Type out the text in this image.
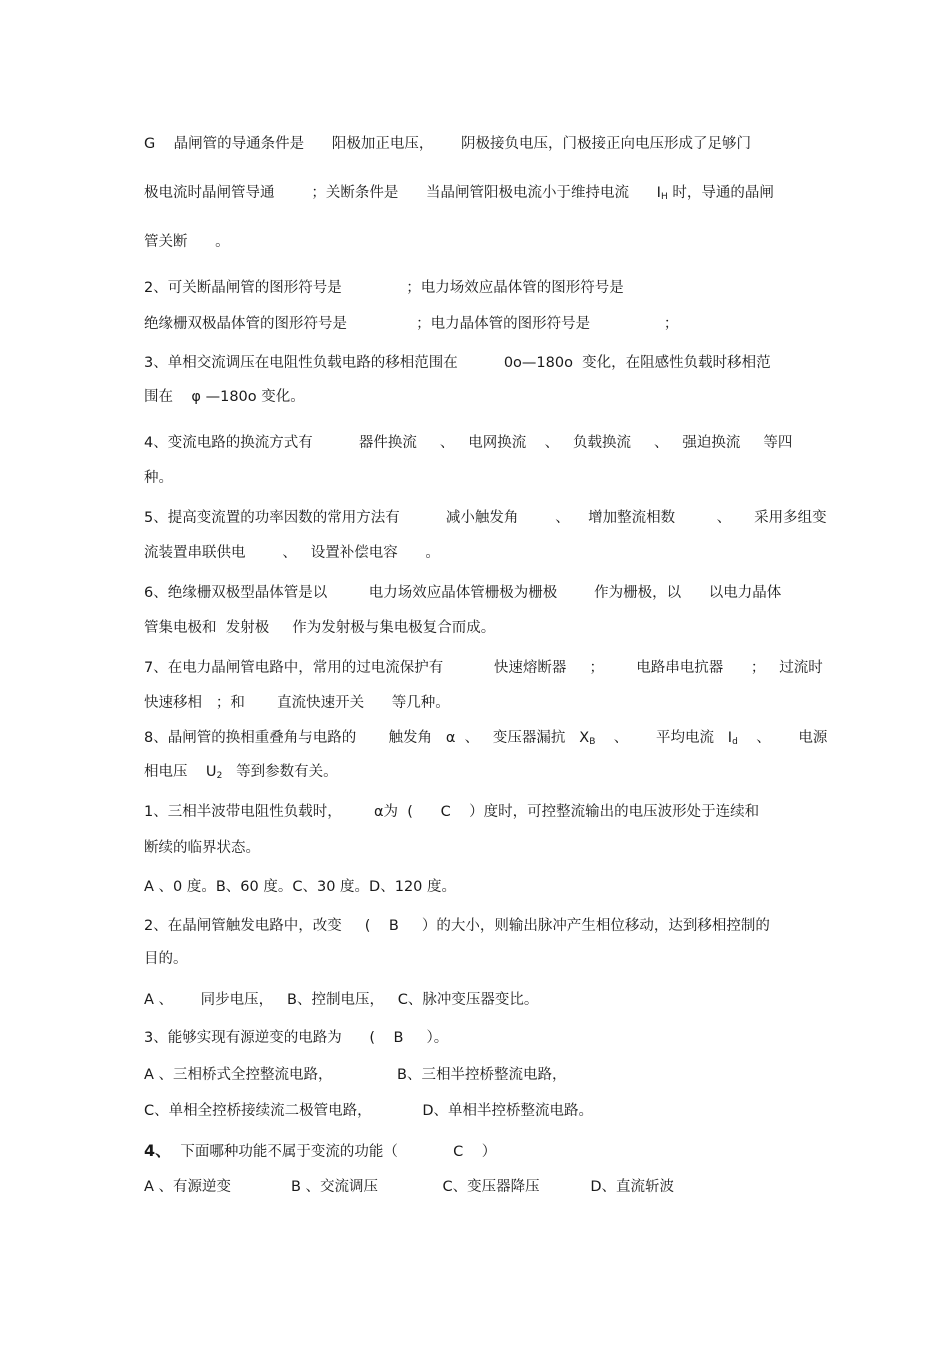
G    晶闸管的导通条件是      阳极加正电压，      阴极接负电压，门极接正向电压形成了足够门
极电流时晶闸管导通        ；关断条件是      当晶闸管阳极电流小于维持电流      $I_H$ 时，导通的晶闸
管关断      。
2、可关断晶闸管的图形符号是              ；电力场效应晶体管的图形符号是
绝缘栅双极晶体管的图形符号是               ；电力晶体管的图形符号是                ；
3、单相交流调压在电阻性负载电路的移相范围在          0o—180o  变化，在阻感性负载时移相范
围在    φ —180o 变化。
4、变流电路的换流方式有          器件换流     、   电网换流    、   负载换流     、   强迫换流     等四
种。
5、提高变流置的功率因数的常用方法有          减小触发角        、    增加整流相数         、     采用多组变
流装置串联供电        、   设置补偿电容      。
6、绝缘栅双极型晶体管是以         电力场效应晶体管栅极为栅极        作为栅极，以      以电力晶体
管集电极和  发射极     作为发射极与集电极复合而成。
7、在电力晶闸管电路中，常用的过电流保护有           快速熔断器     ；       电路串电抗器      ；   过流时
快速移相   ；和       直流快速开关      等几种。
8、晶闸管的换相重叠角与电路的       触发角   α  、   变压器漏抗   $X_B$    、      平均电流   $I_d$    、      电源
相电压    $U_2$   等到参数有关。
1、三相半波带电阻性负载时，       α为  (      C    ）度时，可控整流输出的电压波形处于连续和
断续的临界状态。
A 、0 度。B、60 度。C、30 度。D、120 度。
2、在晶闸管触发电路中，改变     (    B     ）的大小，则输出脉冲产生相位移动，达到移相控制的
目的。
A 、      同步电压，   B、控制电压，   C、脉冲变压器变比。
3、能够实现有源逆变的电路为      (    B     ）。
A 、三相桥式全控整流电路，              B、三相半控桥整流电路，
C、单相全控桥接续流二极管电路，           D、单相半控桥整流电路。
4、  下面哪种功能不属于变流的功能（            C    ）
A 、有源逆变             B 、交流调压              C、变压器降压           D、直流斩波
